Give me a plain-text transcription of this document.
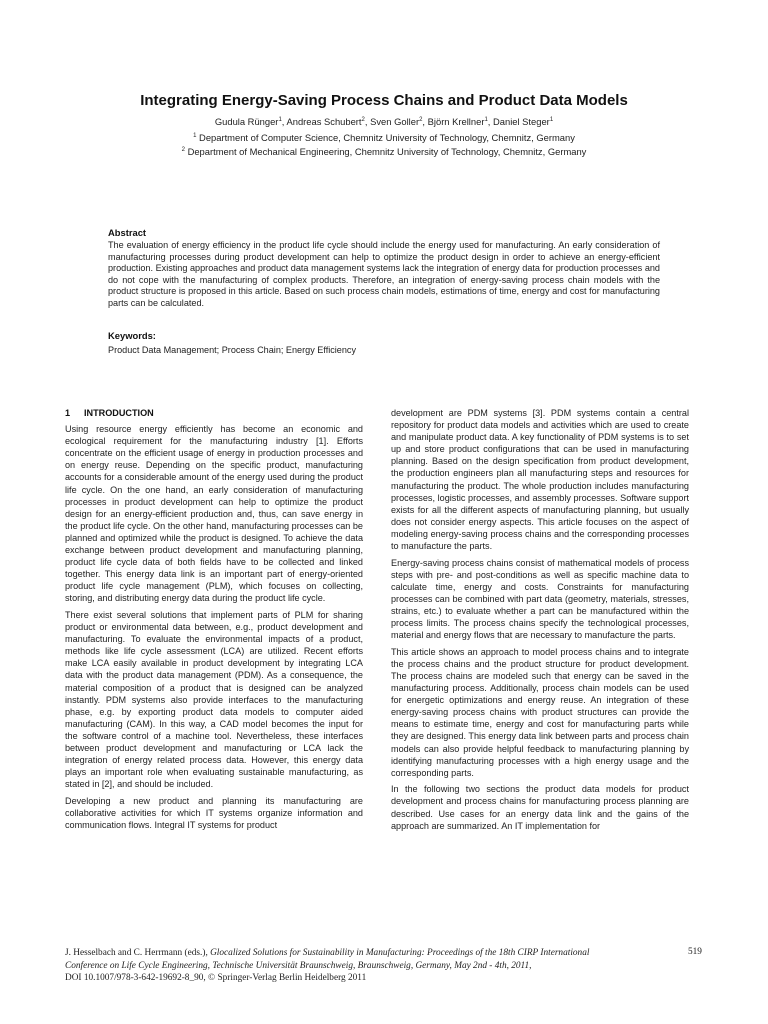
Integrating Energy-Saving Process Chains and Product Data Models
Gudula Rünger$^1$, Andreas Schubert$^2$, Sven Goller$^2$, Björn Krellner$^1$, Daniel Steger$^1$
$^1$ Department of Computer Science, Chemnitz University of Technology, Chemnitz, Germany
$^2$ Department of Mechanical Engineering, Chemnitz University of Technology, Chemnitz, Germany
Abstract
The evaluation of energy efficiency in the product life cycle should include the energy used for manufacturing. An early consideration of manufacturing processes during product development can help to optimize the product design in order to achieve an energy-efficient production. Existing approaches and product data management systems lack the integration of energy data for production processes and do not cope with the manufacturing of complex products. Therefore, an integration of energy-saving process chain models with the product structure is proposed in this article. Based on such process chain models, estimations of time, energy and cost for manufacturing parts can be calculated.
Keywords:
Product Data Management; Process Chain; Energy Efficiency
1 INTRODUCTION

Using resource energy efficiently has become an economic and ecological requirement for the manufacturing industry [1]. Efforts concentrate on the efficient usage of energy in production processes and on energy reuse. Depending on the specific product, manufacturing accounts for a considerable amount of the energy used during the product life cycle. On the one hand, an early consideration of manufacturing processes in product development can help to optimize the product design for an energy-efficient production and, thus, can save energy in the product life cycle. On the other hand, manufacturing processes can be planned and optimized while the product is designed. To achieve the data exchange between product development and manufacturing planning, product life cycle data of both fields have to be collected and linked together. This energy data link is an important part of energy-oriented product life cycle management (PLM), which focuses on collecting, storing, and distributing energy data during the product life cycle.

There exist several solutions that implement parts of PLM for sharing product or environmental data between, e.g., product development and manufacturing. To evaluate the environmental impacts of a product, methods like life cycle assessment (LCA) are utilized. Recent efforts make LCA easily available in product development by integrating LCA data with the product data management (PDM). As a consequence, the material composition of a product that is designed can be analyzed instantly. PDM systems also provide interfaces to the manufacturing phase, e.g. by exporting product data models to computer aided manufacturing (CAM). In this way, a CAD model becomes the input for the software control of a machine tool. Nevertheless, these interfaces between product development and manufacturing or LCA lack the integration of energy related process data. However, this energy data plays an important role when evaluating sustainable manufacturing, as stated in [2], and should be included.

Developing a new product and planning its manufacturing are collaborative activities for which IT systems organize information and communication flows. Integral IT systems for product

development are PDM systems [3]. PDM systems contain a central repository for product data models and activities which are used to create and manipulate product data. A key functionality of PDM systems is to set up and store product configurations that can be used in manufacturing planning. Based on the design specification from product development, the production engineers plan all manufacturing steps and resources for manufacturing the product. The whole production includes manufacturing processes, logistic processes, and assembly processes. Software support exists for all the different aspects of manufacturing planning, but usually does not consider energy aspects. This article focuses on the aspect of modeling energy-saving process chains and the corresponding processes to manufacture the parts.

Energy-saving process chains consist of mathematical models of process steps with pre- and post-conditions as well as specific machine data to calculate time, energy and costs. Constraints for manufacturing processes can be combined with part data (geometry, materials, stresses, strains, etc.) to evaluate whether a part can be manufactured within the process limits. The process chains specify the technological processes, material and energy flows that are necessary to manufacture the parts.

This article shows an approach to model process chains and to integrate the process chains and the product structure for product development. The process chains are modeled such that energy can be saved in the manufacturing process. Additionally, process chain models can be used for energetic optimizations and energy reuse. An integration of these energy-saving process chains with product structures can provide the means to estimate time, energy and cost for manufacturing parts while they are designed. This energy data link between parts and process chain models can also provide helpful feedback to manufacturing planning by identifying manufacturing processes with a high energy usage and the corresponding parts.

In the following two sections the product data models for product development and process chains for manufacturing process planning are described. Use cases for an energy data link and the gains of the approach are summarized. An IT implementation for

J. Hesselbach and C. Herrmann (eds.), Glocalized Solutions for Sustainability in Manufacturing: Proceedings of the 18th CIRP International
Conference on Life Cycle Engineering, Technische Universität Braunschweig, Braunschweig, Germany, May 2nd - 4th, 2011,
DOI 10.1007/978-3-642-19692-8_90, © Springer-Verlag Berlin Heidelberg 2011
519
